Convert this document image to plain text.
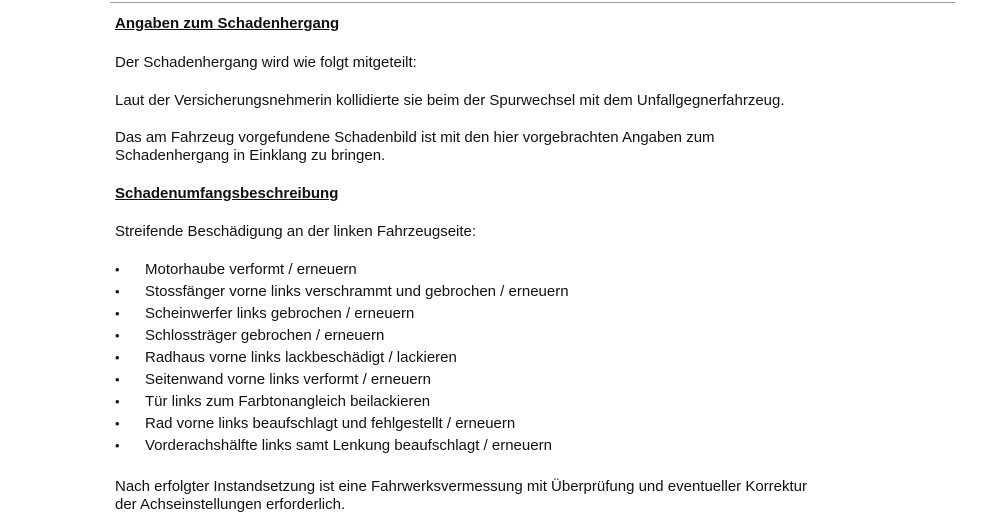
Angaben zum Schadenhergang
Der Schadenhergang wird wie folgt mitgeteilt:
Laut der Versicherungsnehmerin kollidierte sie beim der Spurwechsel mit dem Unfallgegnerfahrzeug.
Das am Fahrzeug vorgefundene Schadenbild ist mit den hier vorgebrachten Angaben zum
Schadenhergang in Einklang zu bringen.
Schadenumfangsbeschreibung
Streifende Beschädigung an der linken Fahrzeugseite:
•	Motorhaube verformt / erneuern
•	Stossfänger vorne links verschrammt und gebrochen / erneuern
•	Scheinwerfer links gebrochen / erneuern
•	Schlossträger gebrochen / erneuern
•	Radhaus vorne links lackbeschädigt / lackieren
•	Seitenwand vorne links verformt / erneuern
•	Tür links zum Farbtonangleich beilackieren
•	Rad vorne links beaufschlagt und fehlgestellt / erneuern
•	Vorderachshälfte links samt Lenkung beaufschlagt / erneuern
Nach erfolgter Instandsetzung ist eine Fahrwerksvermessung mit Überprüfung und eventueller Korrektur
der Achseinstellungen erforderlich.
